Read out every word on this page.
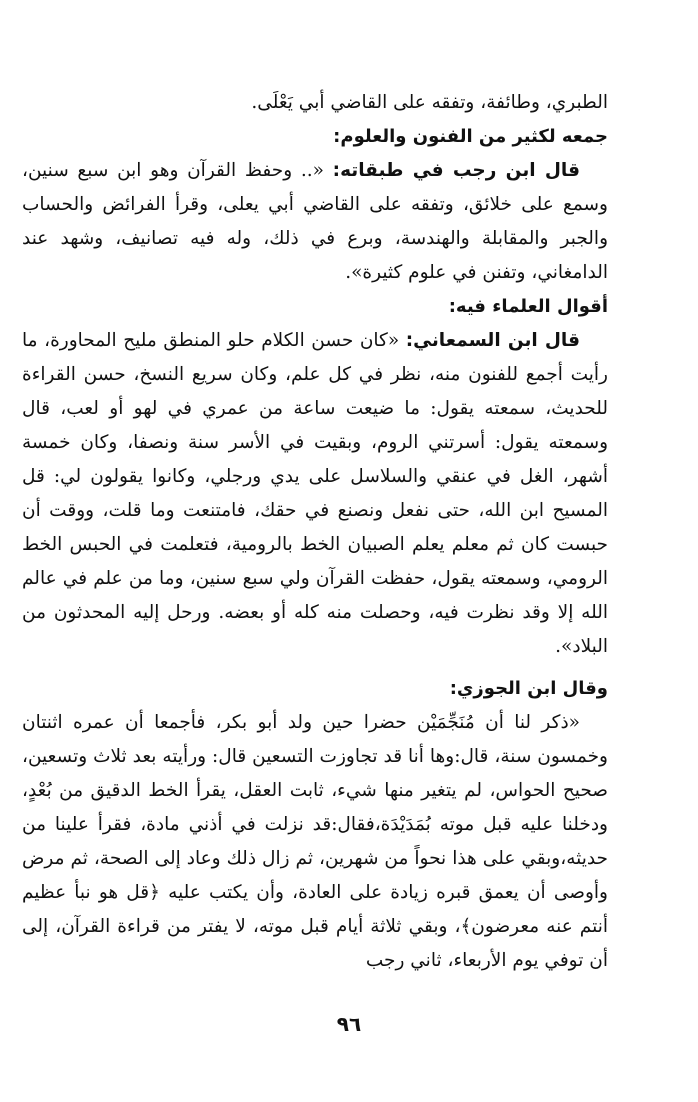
الطبري، وطائفة، وتفقه على القاضي أبي يَعْلَى.

جمعه لكثير من الفنون والعلوم:

قال ابن رجب في طبقاته: «.. وحفظ القرآن وهو ابن سبع سنين، وسمع على خلائق، وتفقه على القاضي أبي يعلى، وقرأ الفرائض والحساب والجبر والمقابلة والهندسة، وبرع في ذلك، وله فيه تصانيف، وشهد عند الدامغاني، وتفنن في علوم كثيرة».

أقوال العلماء فيه:

قال ابن السمعاني: «كان حسن الكلام حلو المنطق مليح المحاورة، ما رأيت أجمع للفنون منه، نظر في كل علم، وكان سريع النسخ، حسن القراءة للحديث، سمعته يقول: ما ضيعت ساعة من عمري في لهو أو لعب، قال وسمعته يقول: أسرتني الروم، وبقيت في الأسر سنة ونصفا، وكان خمسة أشهر، الغل في عنقي والسلاسل على يدي ورجلي، وكانوا يقولون لي: قل المسيح ابن الله، حتى نفعل ونصنع في حقك، فامتنعت وما قلت، ووقت أن حبست كان ثم معلم يعلم الصبيان الخط بالرومية، فتعلمت في الحبس الخط الرومي، وسمعته يقول، حفظت القرآن ولي سبع سنين، وما من علم في عالم الله إلا وقد نظرت فيه، وحصلت منه كله أو بعضه. ورحل إليه المحدثون من البلاد».

وقال ابن الجوزي:

«ذكر لنا أن مُنَجِّمَيْن حضرا حين ولد أبو بكر، فأجمعا أن عمره اثنتان وخمسون سنة، قال:وها أنا قد تجاوزت التسعين قال: ورأيته بعد ثلاث وتسعين، صحيح الحواس، لم يتغير منها شيء، ثابت العقل، يقرأ الخط الدقيق من بُعْدٍ، ودخلنا عليه قبل موته بُمَدَيْدَة،فقال:قد نزلت في أذني مادة، فقرأ علينا من حديثه،وبقي على هذا نحواً من شهرين، ثم زال ذلك وعاد إلى الصحة، ثم مرض وأوصى أن يعمق قبره زيادة على العادة، وأن يكتب عليه ﴿قل هو نبأ عظيم أنتم عنه معرضون﴾، وبقي ثلاثة أيام قبل موته، لا يفتر من قراءة القرآن، إلى أن توفي يوم الأربعاء، ثاني رجب

٩٦
